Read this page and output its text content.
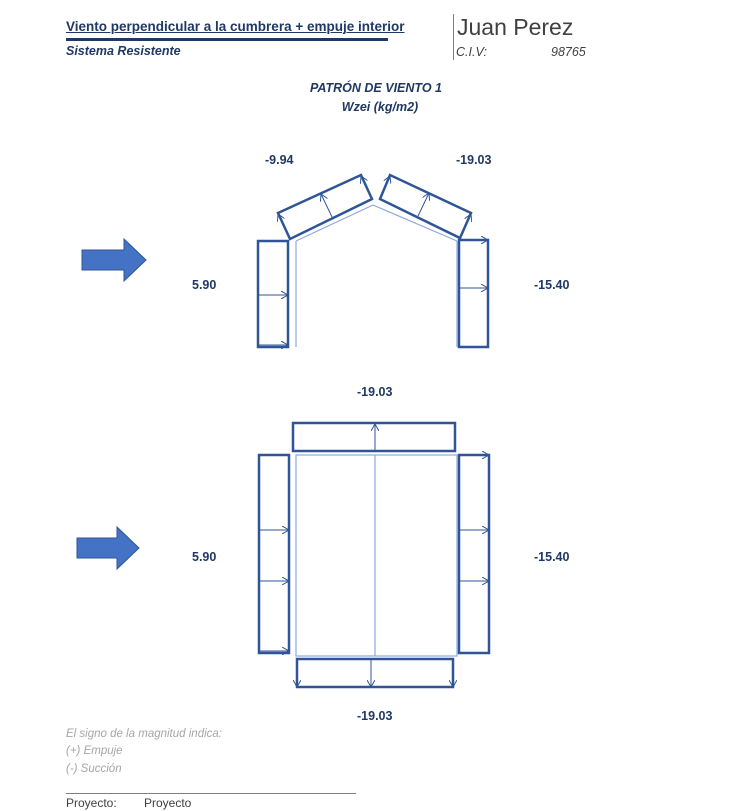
Viento perpendicular a la cumbrera + empuje interior
Sistema Resistente
Juan Perez
C.I.V:	98765
PATRÓN DE VIENTO 1
Wzei (kg/m2)
-9.94	-19.03
5.90	-15.40
-19.03
5.90	-15.40
-19.03
El signo de la magnitud indica:
(+) Empuje
(-) Succión
Proyecto: Proyecto
